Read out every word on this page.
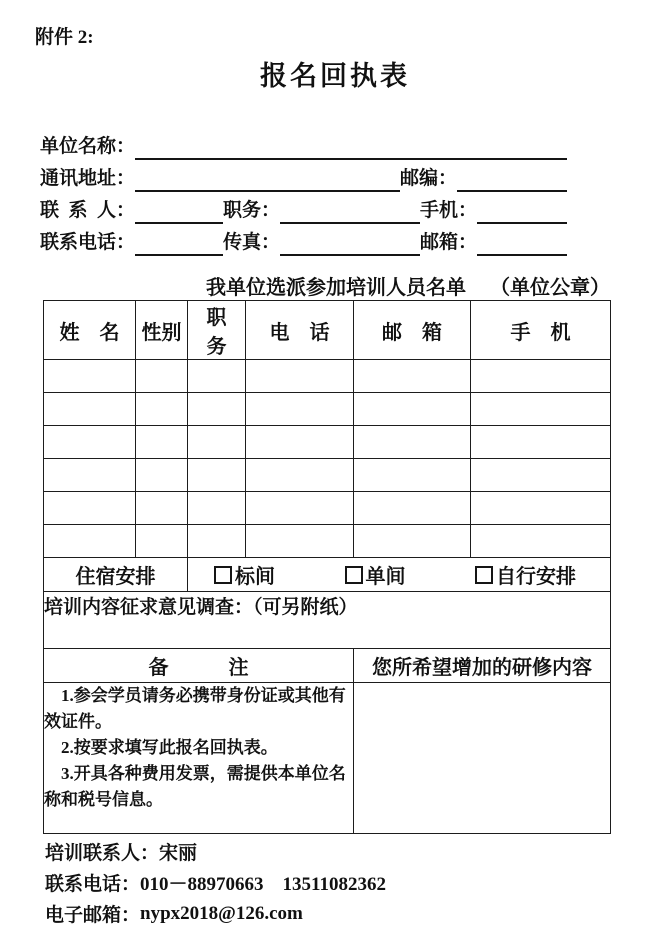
附件 2:
报名回执表
单位名称：
通讯地址：	邮编：
联  系  人：	职务：	手机：
联系电话：	传真：	邮箱：
我单位选派参加培训人员名单 （单位公章）
姓　名	性别	职　务	电　话	邮　箱	手　机

住宿安排		标间 单间 自行安排			

培训内容征求意见调查：（可另附纸）					
备　　　注				您所希望增加的研修内容	

1.参会学员请务必携带身份证或其他有效证件。

2.按要求填写此报名回执表。

3.开具各种费用发票，需提供本单位名称和税号信息。					

培训联系人： 宋丽
联系电话： 010－88970663　13511082362
电子邮箱： nypx2018@126.com
